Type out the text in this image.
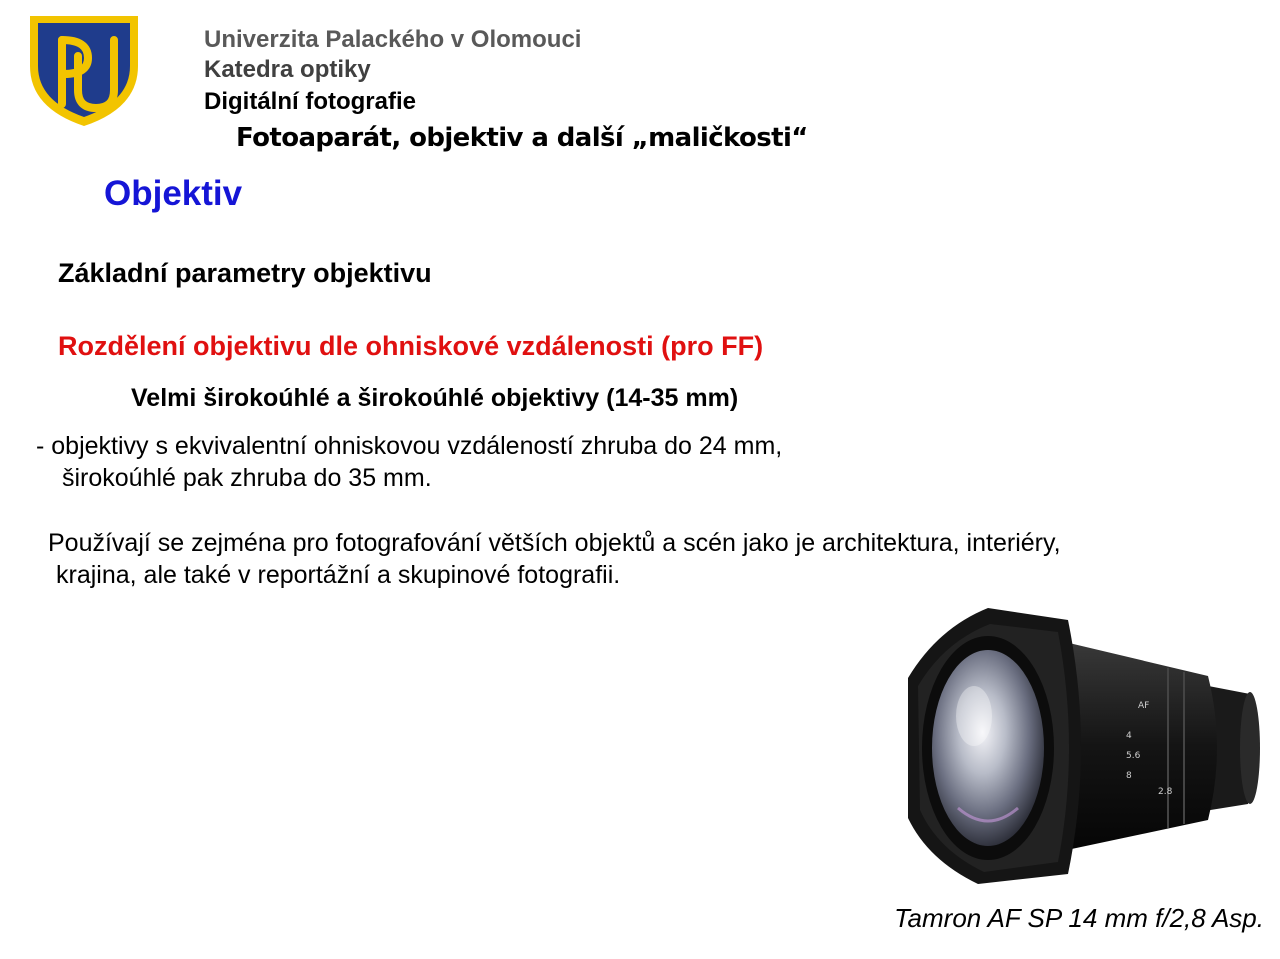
Univerzita Palackého v Olomouci
Katedra optiky
Digitální fotografie
Fotoaparát, objektiv a další „maličkosti“
Objektiv
Základní parametry objektivu
Rozdělení objektivu dle ohniskové vzdálenosti (pro FF)
Velmi širokoúhlé a širokoúhlé objektivy (14-35 mm)
- objektivy s ekvivalentní ohniskovou vzdáleností zhruba do 24 mm,
širokoúhlé pak zhruba do 35 mm.
Používají se zejména pro fotografování větších objektů a scén jako je architektura, interiéry,
krajina, ale také v reportážní a skupinové fotografii.
AF
4
5.6
8
2.8
Tamron AF SP 14 mm f/2,8 Asp.
